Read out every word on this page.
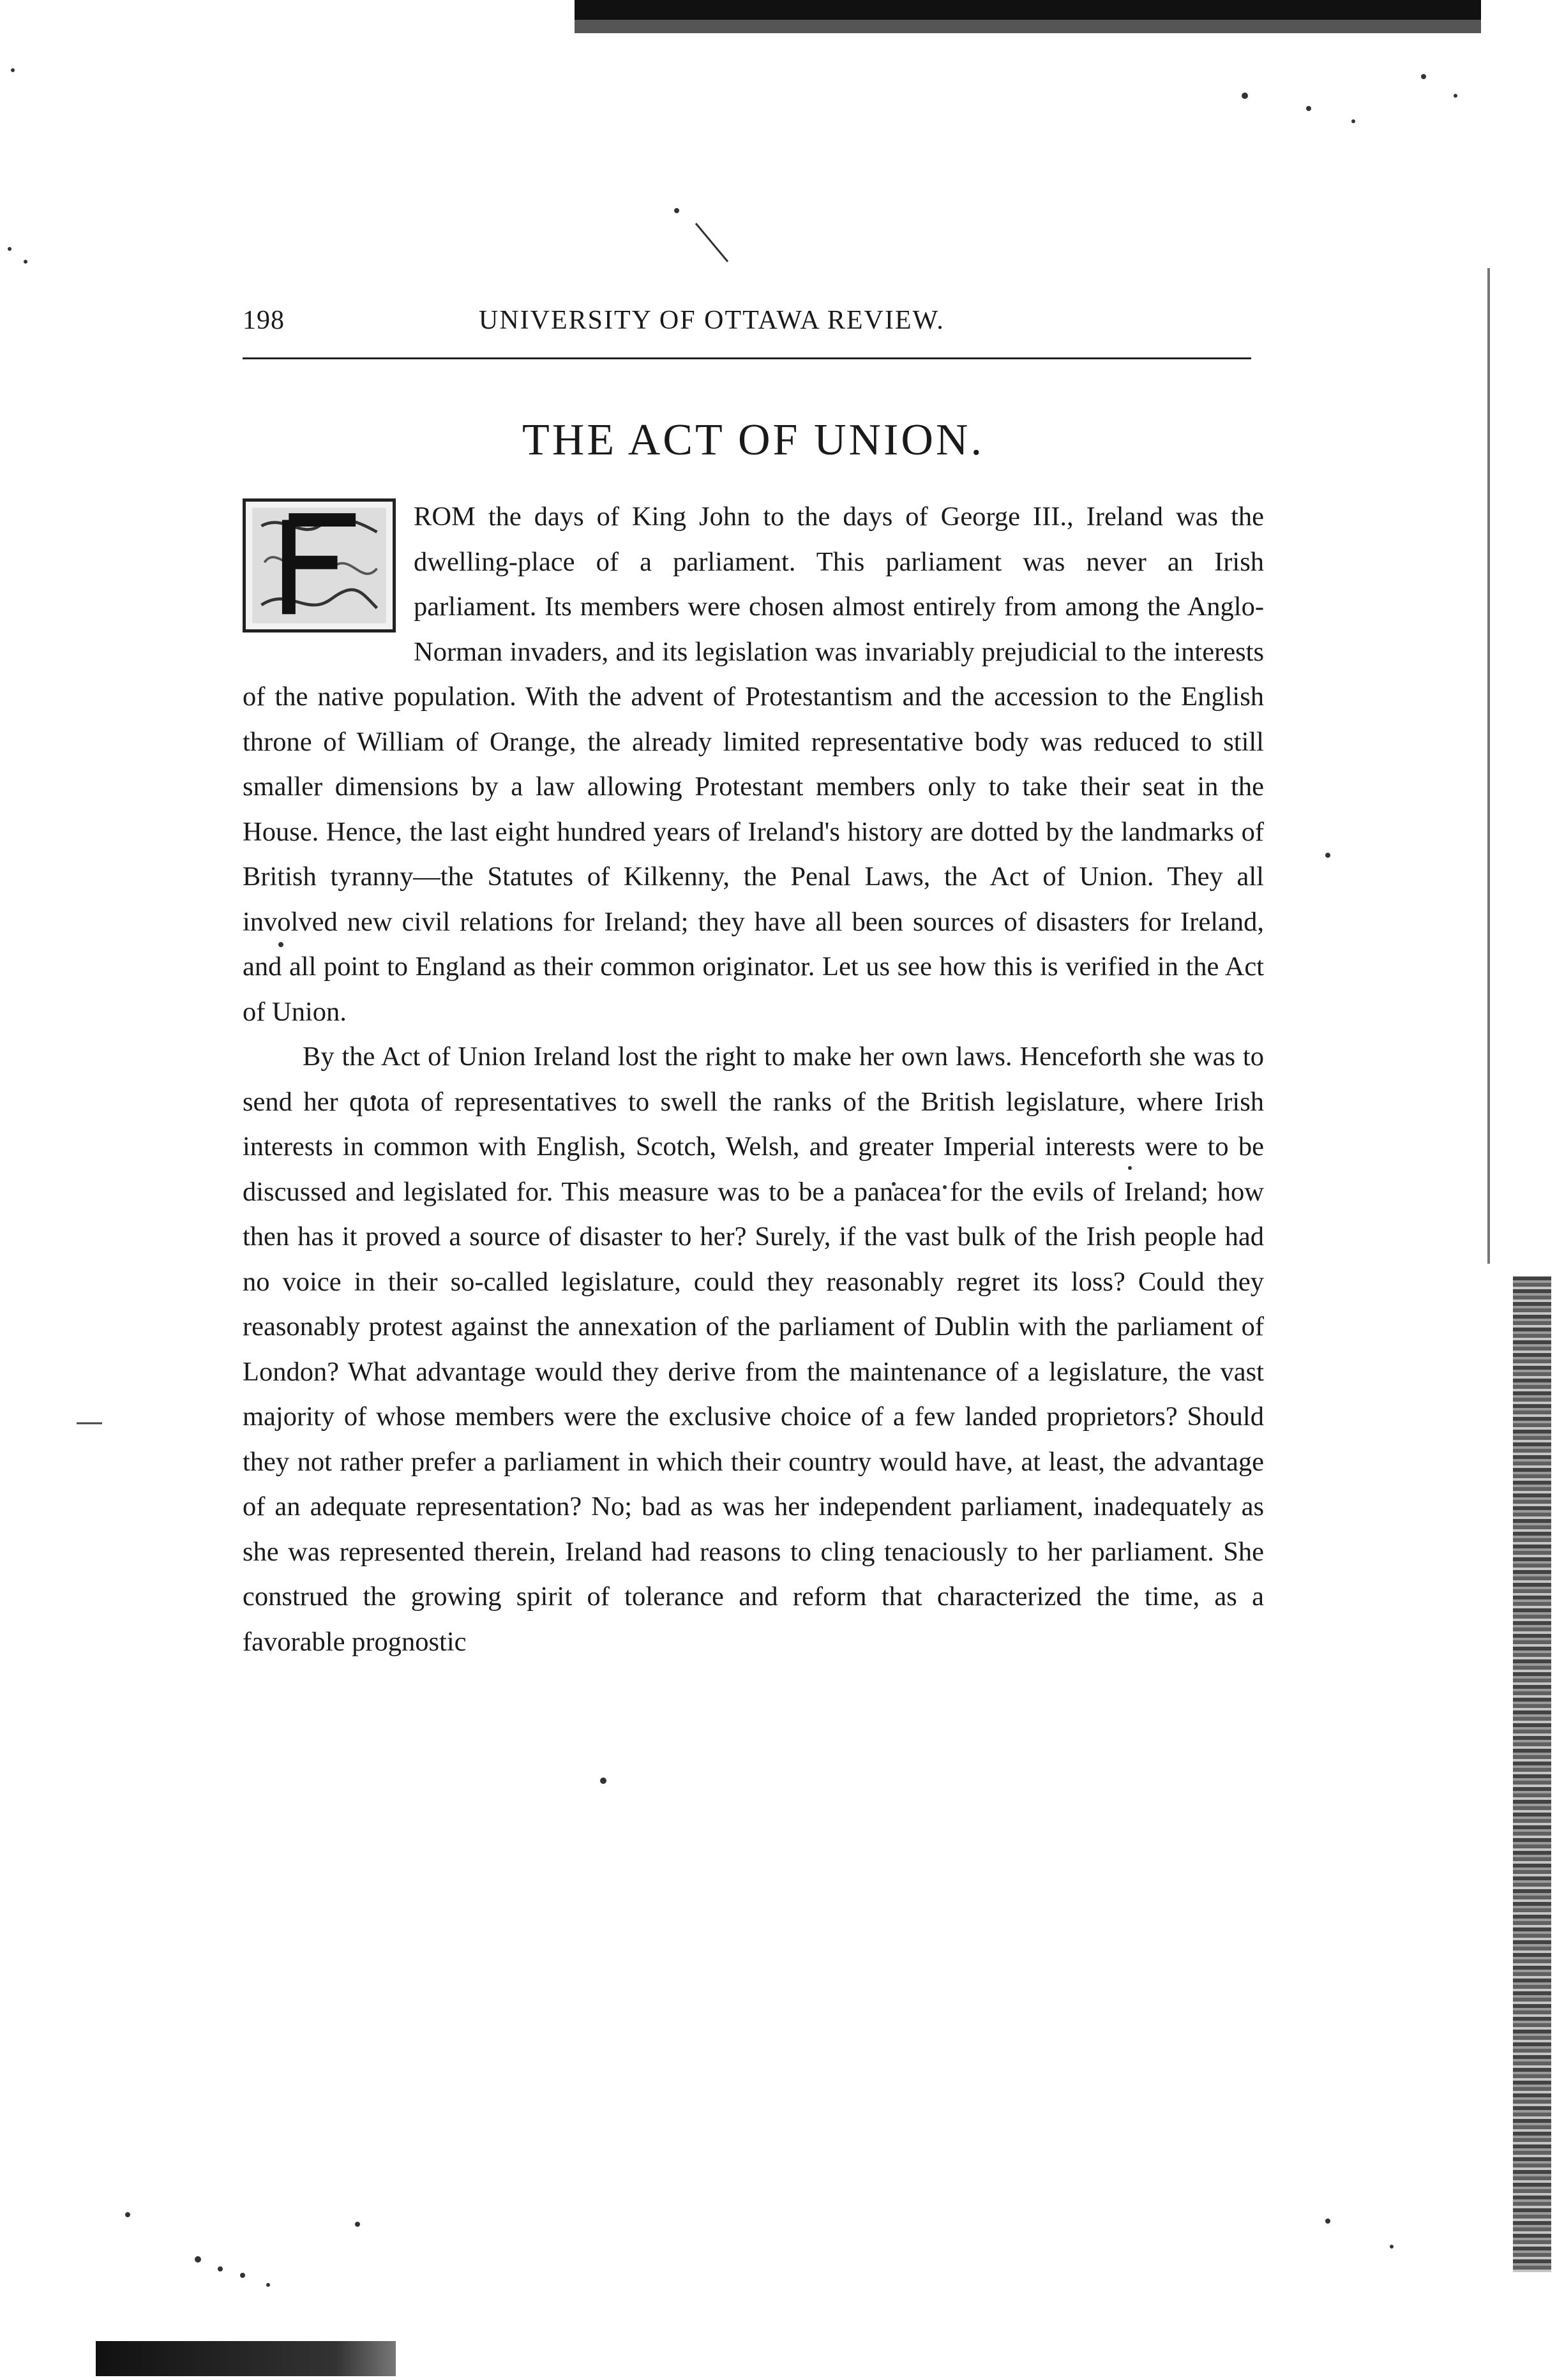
198	UNIVERSITY OF OTTAWA REVIEW.
THE ACT OF UNION.

ROM the days of King John to the days of George III., Ireland was the dwelling-place of a parliament. This parliament was never an Irish parliament. Its members were chosen almost entirely from among the Anglo-Norman invaders, and its legislation was invariably prejudicial to the interests of the native population. With the advent of Protestantism and the accession to the English throne of William of Orange, the already limited representative body was reduced to still smaller dimensions by a law allowing Protestant members only to take their seat in the House. Hence, the last eight hundred years of Ireland's history are dotted by the landmarks of British tyranny—the Statutes of Kilkenny, the Penal Laws, the Act of Union. They all involved new civil relations for Ireland; they have all been sources of disasters for Ireland, and all point to England as their common originator. Let us see how this is verified in the Act of Union.

By the Act of Union Ireland lost the right to make her own laws. Henceforth she was to send her quota of representatives to swell the ranks of the British legislature, where Irish interests in common with English, Scotch, Welsh, and greater Imperial interests were to be discussed and legislated for. This measure was to be a panacea for the evils of Ireland; how then has it proved a source of disaster to her? Surely, if the vast bulk of the Irish people had no voice in their so-called legislature, could they reasonably regret its loss? Could they reasonably protest against the annexation of the parliament of Dublin with the parliament of London? What advantage would they derive from the maintenance of a legislature, the vast majority of whose members were the exclusive choice of a few landed proprietors? Should they not rather prefer a parliament in which their country would have, at least, the advantage of an adequate representation? No; bad as was her independent parliament, inadequately as she was represented therein, Ireland had reasons to cling tenaciously to her parliament. She construed the growing spirit of tolerance and reform that characterized the time, as a favorable prognostic
